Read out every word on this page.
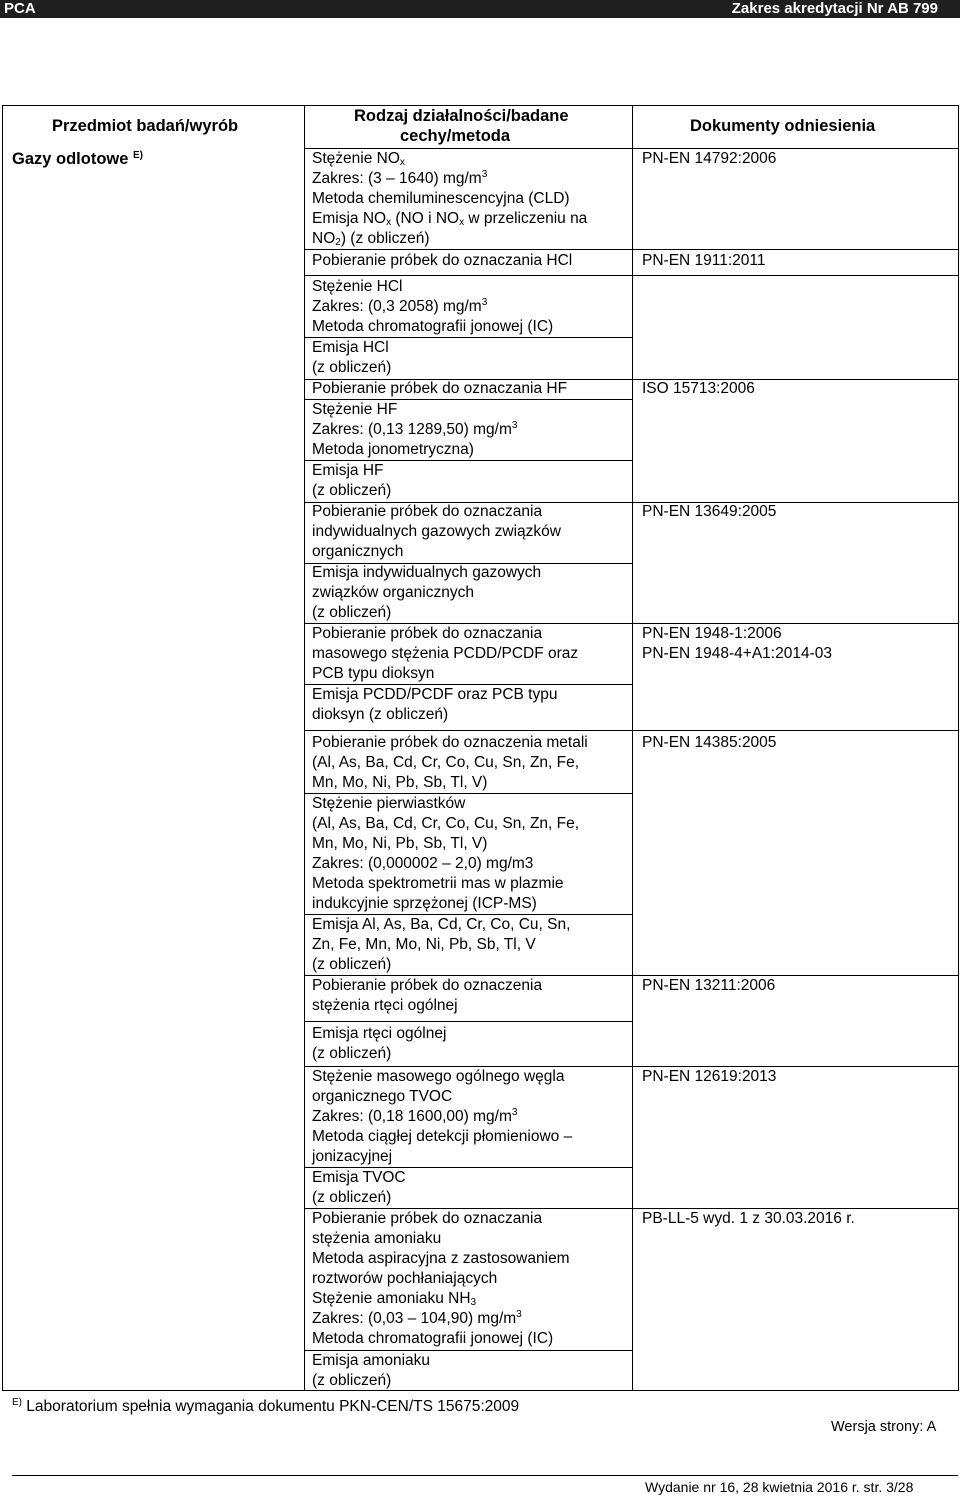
PCA	Zakres akredytacji Nr AB 799
Przedmiot badań/wyrób
Rodzaj działalności/badane
cechy/metoda
Dokumenty odniesienia
Gazy odlotowe $^{E)}$	Stężenie $NO_x$
Zakres: (3 – 1640) $mg/m^3$
Metoda chemiluminescencyjna (CLD)
Emisja $NO_x$ (NO i $NO_x$ w przeliczeniu na
$NO_2$) (z obliczeń)
Pobieranie próbek do oznaczania HCl
Stężenie HCl
Zakres: (0,3 2058) $mg/m^3$
Metoda chromatografii jonowej (IC)
Emisja HCl
(z obliczeń)
Pobieranie próbek do oznaczania HF
Stężenie HF
Zakres: (0,13 1289,50) $mg/m^3$
Metoda jonometryczna)
Emisja HF
(z obliczeń)
Pobieranie próbek do oznaczania
indywidualnych gazowych związków
organicznych
Emisja indywidualnych gazowych
związków organicznych
(z obliczeń)
Pobieranie próbek do oznaczania
masowego stężenia PCDD/PCDF oraz
PCB typu dioksyn
Emisja PCDD/PCDF oraz PCB typu
dioksyn (z obliczeń)
Pobieranie próbek do oznaczenia metali
(Al, As, Ba, Cd, Cr, Co, Cu, Sn, Zn, Fe,
Mn, Mo, Ni, Pb, Sb, Tl, V)
Stężenie pierwiastków
(Al, As, Ba, Cd, Cr, Co, Cu, Sn, Zn, Fe,
Mn, Mo, Ni, Pb, Sb, Tl, V)
Zakres: (0,000002 – 2,0) mg/m3
Metoda spektrometrii mas w plazmie
indukcyjnie sprzężonej (ICP-MS)
Emisja Al, As, Ba, Cd, Cr, Co, Cu, Sn,
Zn, Fe, Mn, Mo, Ni, Pb, Sb, Tl, V
(z obliczeń)
Pobieranie próbek do oznaczenia
stężenia rtęci ogólnej
Emisja rtęci ogólnej
(z obliczeń)
Stężenie masowego ogólnego węgla
organicznego TVOC
Zakres: (0,18 1600,00) $mg/m^3$
Metoda ciągłej detekcji płomieniowo –
jonizacyjnej
Emisja TVOC
(z obliczeń)
Pobieranie próbek do oznaczania
stężenia amoniaku
Metoda aspiracyjna z zastosowaniem
roztworów pochłaniających
Stężenie amoniaku $NH_3$
Zakres: (0,03 – 104,90) $mg/m^3$
Metoda chromatografii jonowej (IC)
Emisja amoniaku
(z obliczeń)
PN-EN 14792:2006
PN-EN 1911:2011
ISO 15713:2006
PN-EN 13649:2005
PN-EN 1948-1:2006
PN-EN 1948-4+A1:2014-03
PN-EN 14385:2005
PN-EN 13211:2006
PN-EN 12619:2013
PB-LL-5 wyd. 1 z 30.03.2016 r.
$^{E)}$ Laboratorium spełnia wymagania dokumentu PKN-CEN/TS 15675:2009
Wersja strony: A
Wydanie nr 16, 28 kwietnia 2016 r. str. 3/28
